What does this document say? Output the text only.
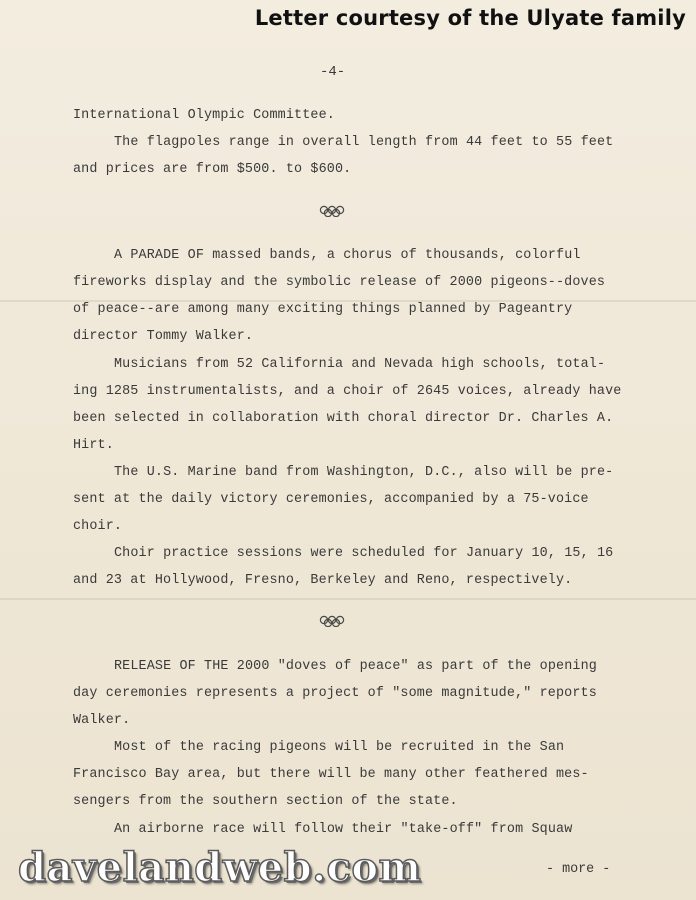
Letter courtesy of the Ulyate family
-4-
International Olympic Committee.
The flagpoles range in overall length from 44 feet to 55 feet
and prices are from $500. to $600.
A PARADE OF massed bands, a chorus of thousands, colorful
fireworks display and the symbolic release of 2000 pigeons--doves
of peace--are among many exciting things planned by Pageantry
director Tommy Walker.
Musicians from 52 California and Nevada high schools, total-
ing 1285 instrumentalists, and a choir of 2645 voices, already have
been selected in collaboration with choral director Dr. Charles A.
Hirt.
The U.S. Marine band from Washington, D.C., also will be pre-
sent at the daily victory ceremonies, accompanied by a 75-voice
choir.
Choir practice sessions were scheduled for January 10, 15, 16
and 23 at Hollywood, Fresno, Berkeley and Reno, respectively.
RELEASE OF THE 2000 "doves of peace" as part of the opening
day ceremonies represents a project of "some magnitude," reports
Walker.
Most of the racing pigeons will be recruited in the San
Francisco Bay area, but there will be many other feathered mes-
sengers from the southern section of the state.
An airborne race will follow their "take-off" from Squaw
davelandweb.com	- more -
